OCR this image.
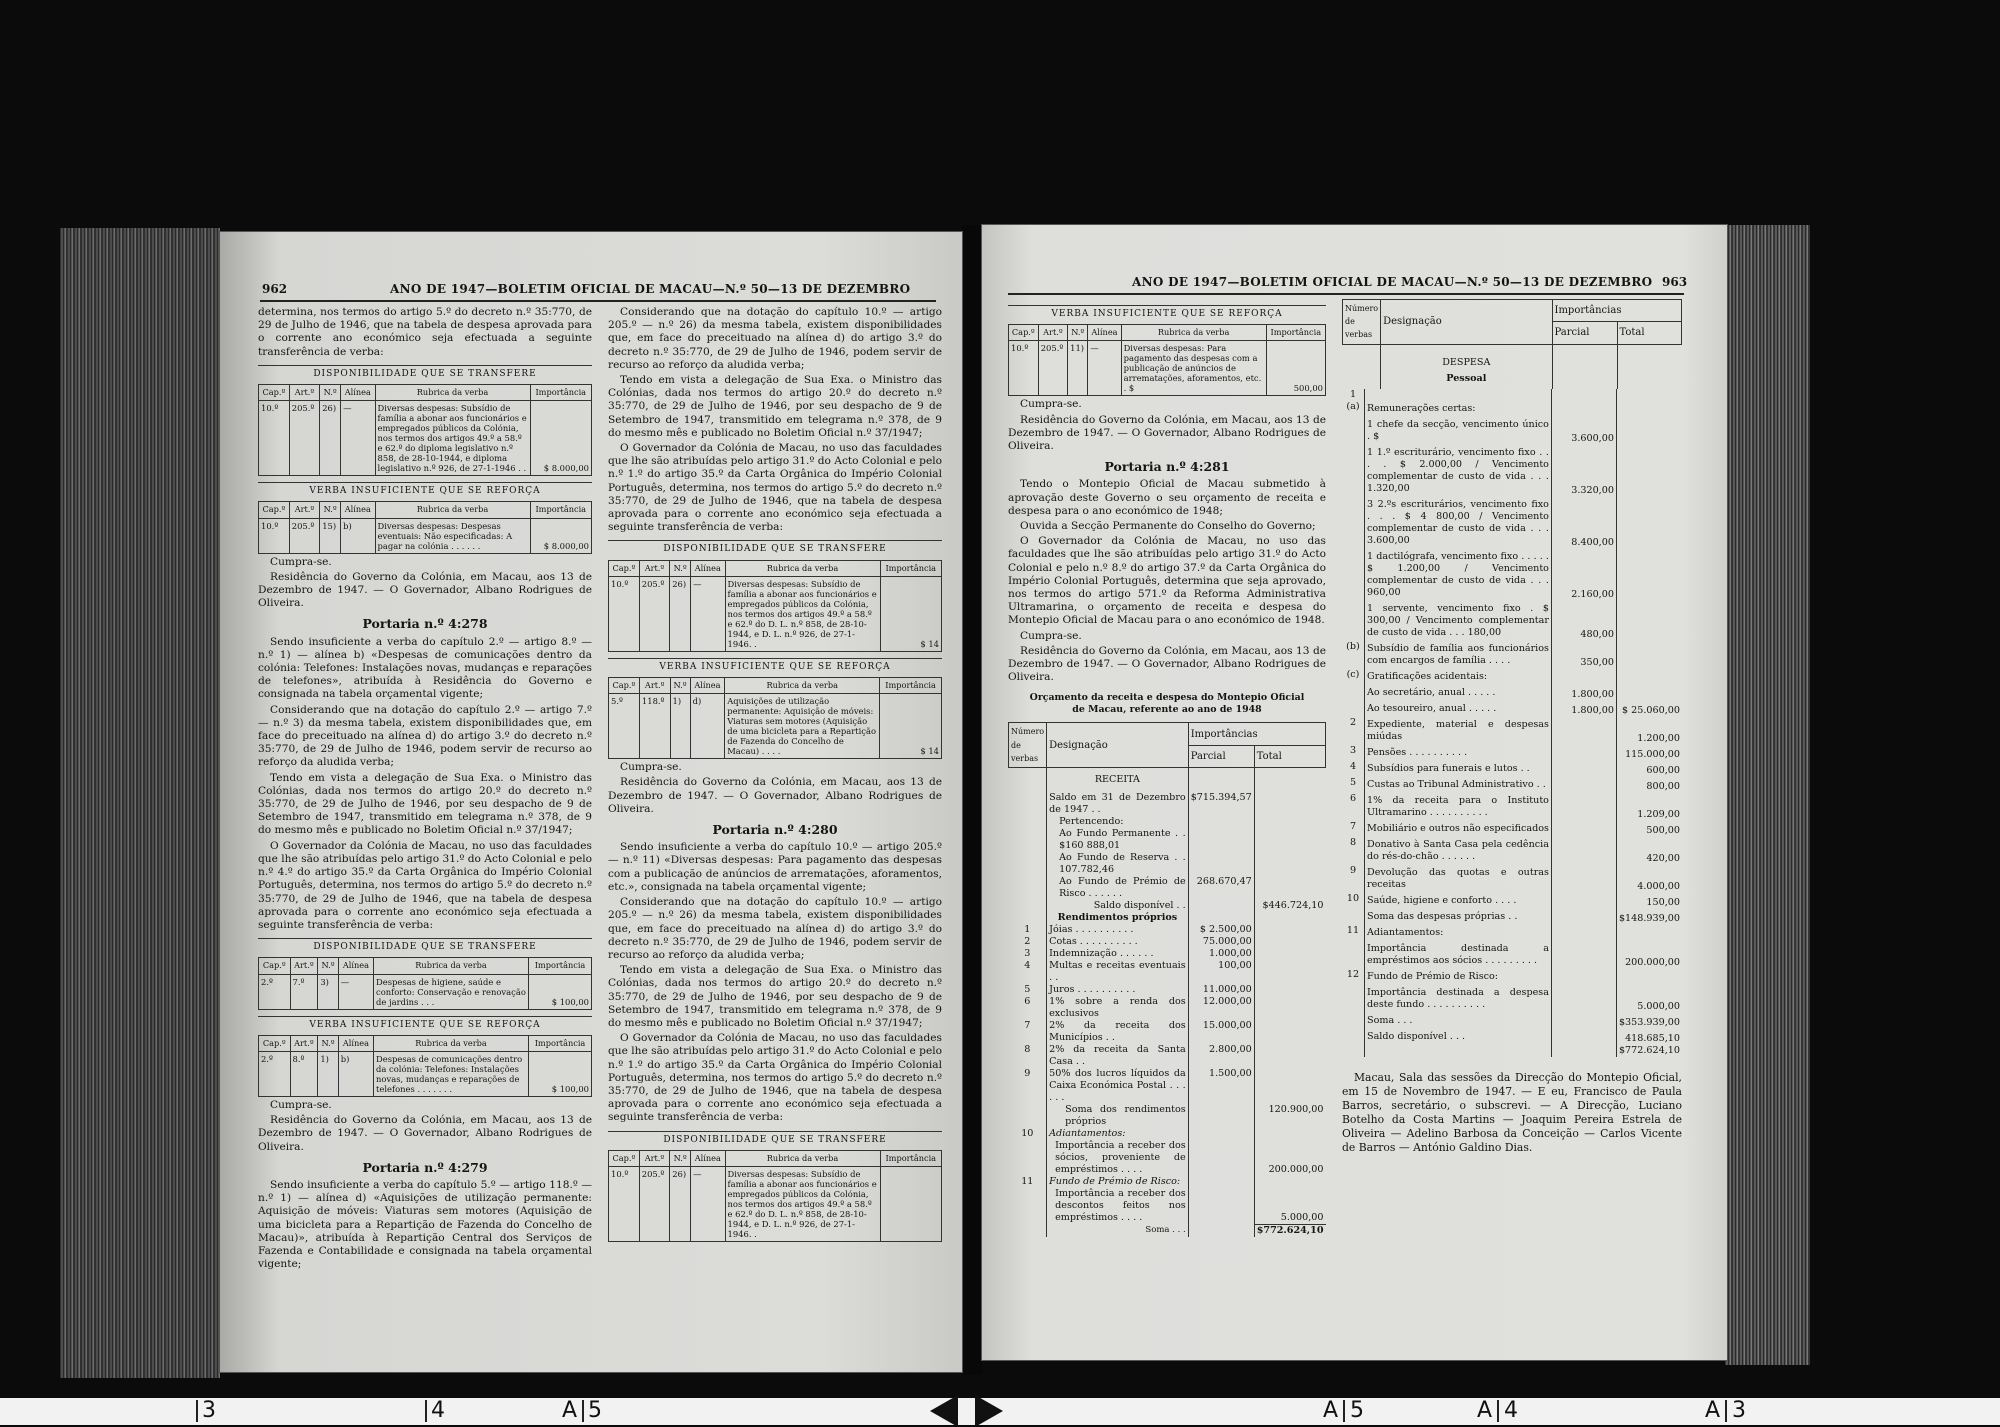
962	ANO DE 1947—BOLETIM OFICIAL DE MACAU—N.º 50—13 DE DEZEMBRO

determina, nos termos do artigo 5.º do decreto n.º 35:770, de 29 de Julho de 1946, que na tabela de despesa aprovada para o corrente ano económico seja efectuada a seguinte transferência de verba:

DISPONIBILIDADE QUE SE TRANSFERE
Cap.º	Art.º	N.º	Alínea	Rubrica da verba	Importância
10.º	205.º	26)	—	Diversas despesas: Subsídio de família a abonar aos funcionários e empregados públicos da Colónia, nos termos dos artigos 49.º a 58.º e 62.º do diploma legislativo n.º 858, de 28-10-1944, e diploma legislativo n.º 926, de 27-1-1946 . .	$ 8.000,00
VERBA INSUFICIENTE QUE SE REFORÇA
Cap.º	Art.º	N.º	Alínea	Rubrica da verba	Importância
10.º	205.º	15)	b)	Diversas despesas: Despesas eventuais: Não especificadas: A pagar na colónia . . . . . .	$ 8.000,00

Cumpra-se.

Residência do Governo da Colónia, em Macau, aos 13 de Dezembro de 1947. — O Governador, Albano Rodrigues de Oliveira.

Portaria n.º 4:278

Sendo insuficiente a verba do capítulo 2.º — artigo 8.º — n.º 1) — alínea b) «Despesas de comunicações dentro da colónia: Telefones: Instalações novas, mudanças e reparações de telefones», atribuída à Residência do Governo e consignada na tabela orçamental vigente;

Considerando que na dotação do capítulo 2.º — artigo 7.º — n.º 3) da mesma tabela, existem disponibilidades que, em face do preceituado na alínea d) do artigo 3.º do decreto n.º 35:770, de 29 de Julho de 1946, podem servir de recurso ao reforço da aludida verba;

Tendo em vista a delegação de Sua Exa. o Ministro das Colónias, dada nos termos do artigo 20.º do decreto n.º 35:770, de 29 de Julho de 1946, por seu despacho de 9 de Setembro de 1947, transmitido em telegrama n.º 378, de 9 do mesmo mês e publicado no Boletim Oficial n.º 37/1947;

O Governador da Colónia de Macau, no uso das faculdades que lhe são atribuídas pelo artigo 31.º do Acto Colonial e pelo n.º 4.º do artigo 35.º da Carta Orgânica do Império Colonial Português, determina, nos termos do artigo 5.º do decreto n.º 35:770, de 29 de Julho de 1946, que na tabela de despesa aprovada para o corrente ano económico seja efectuada a seguinte transferência de verba:

DISPONIBILIDADE QUE SE TRANSFERE
Cap.º	Art.º	N.º	Alínea	Rubrica da verba	Importância
2.º	7.º	3)	—	Despesas de higiene, saúde e conforto: Conservação e renovação de jardins . . .	$ 100,00
VERBA INSUFICIENTE QUE SE REFORÇA
Cap.º	Art.º	N.º	Alínea	Rubrica da verba	Importância
2.º	8.º	1)	b)	Despesas de comunicações dentro da colónia: Telefones: Instalações novas, mudanças e reparações de telefones . . . . . . .	$ 100,00

Cumpra-se.

Residência do Governo da Colónia, em Macau, aos 13 de Dezembro de 1947. — O Governador, Albano Rodrigues de Oliveira.

Portaria n.º 4:279

Sendo insuficiente a verba do capítulo 5.º — artigo 118.º — n.º 1) — alínea d) «Aquisições de utilização permanente: Aquisição de móveis: Viaturas sem motores (Aquisição de uma bicicleta para a Repartição de Fazenda do Concelho de Macau)», atribuída à Repartição Central dos Serviços de Fazenda e Contabilidade e consignada na tabela orçamental vigente;

Considerando que na dotação do capítulo 10.º — artigo 205.º — n.º 26) da mesma tabela, existem disponibilidades que, em face do preceituado na alínea d) do artigo 3.º do decreto n.º 35:770, de 29 de Julho de 1946, podem servir de recurso ao reforço da aludida verba;

Tendo em vista a delegação de Sua Exa. o Ministro das Colónias, dada nos termos do artigo 20.º do decreto n.º 35:770, de 29 de Julho de 1946, por seu despacho de 9 de Setembro de 1947, transmitido em telegrama n.º 378, de 9 do mesmo mês e publicado no Boletim Oficial n.º 37/1947;

O Governador da Colónia de Macau, no uso das faculdades que lhe são atribuídas pelo artigo 31.º do Acto Colonial e pelo n.º 1.º do artigo 35.º da Carta Orgânica do Império Colonial Português, determina, nos termos do artigo 5.º do decreto n.º 35:770, de 29 de Julho de 1946, que na tabela de despesa aprovada para o corrente ano económico seja efectuada a seguinte transferência de verba:

DISPONIBILIDADE QUE SE TRANSFERE
Cap.º	Art.º	N.º	Alínea	Rubrica da verba	Importância
10.º	205.º	26)	—	Diversas despesas: Subsídio de família a abonar aos funcionários e empregados públicos da Colónia, nos termos dos artigos 49.º a 58.º e 62.º do D. L. n.º 858, de 28-10-1944, e D. L. n.º 926, de 27-1-1946. .	$ 14
VERBA INSUFICIENTE QUE SE REFORÇA
Cap.º	Art.º	N.º	Alínea	Rubrica da verba	Importância
5.º	118.º	1)	d)	Aquisições de utilização permanente: Aquisição de móveis: Viaturas sem motores (Aquisição de uma bicicleta para a Repartição de Fazenda do Concelho de Macau) . . . .	$ 14

Cumpra-se.

Residência do Governo da Colónia, em Macau, aos 13 de Dezembro de 1947. — O Governador, Albano Rodrigues de Oliveira.

Portaria n.º 4:280

Sendo insuficiente a verba do capítulo 10.º — artigo 205.º — n.º 11) «Diversas despesas: Para pagamento das despesas com a publicação de anúncios de arrematações, aforamentos, etc.», consignada na tabela orçamental vigente;

Considerando que na dotação do capítulo 10.º — artigo 205.º — n.º 26) da mesma tabela, existem disponibilidades que, em face do preceituado na alínea d) do artigo 3.º do decreto n.º 35:770, de 29 de Julho de 1946, podem servir de recurso ao reforço da aludida verba;

Tendo em vista a delegação de Sua Exa. o Ministro das Colónias, dada nos termos do artigo 20.º do decreto n.º 35:770, de 29 de Julho de 1946, por seu despacho de 9 de Setembro de 1947, transmitido em telegrama n.º 378, de 9 do mesmo mês e publicado no Boletim Oficial n.º 37/1947;

O Governador da Colónia de Macau, no uso das faculdades que lhe são atribuídas pelo artigo 31.º do Acto Colonial e pelo n.º 1.º do artigo 35.º da Carta Orgânica do Império Colonial Português, determina, nos termos do artigo 5.º do decreto n.º 35:770, de 29 de Julho de 1946, que na tabela de despesa aprovada para o corrente ano económico seja efectuada a seguinte transferência de verba:

DISPONIBILIDADE QUE SE TRANSFERE
Cap.º	Art.º	N.º	Alínea	Rubrica da verba	Importância
10.º	205.º	26)	—	Diversas despesas: Subsídio de família a abonar aos funcionários e empregados públicos da Colónia, nos termos dos artigos 49.º a 58.º e 62.º do D. L. n.º 858, de 28-10-1944, e D. L. n.º 926, de 27-1-1946. .	
ANO DE 1947—BOLETIM OFICIAL DE MACAU—N.º 50—13 DE DEZEMBRO 963
VERBA INSUFICIENTE QUE SE REFORÇA
Cap.º	Art.º	N.º	Alínea	Rubrica da verba	Importância
10.º	205.º	11)	—	Diversas despesas: Para pagamento das despesas com a publicação de anúncios de arrematações, aforamentos, etc. . $	500,00

Cumpra-se.

Residência do Governo da Colónia, em Macau, aos 13 de Dezembro de 1947. — O Governador, Albano Rodrigues de Oliveira.

Portaria n.º 4:281

Tendo o Montepio Oficial de Macau submetido à aprovação deste Governo o seu orçamento de receita e despesa para o ano económico de 1948;

Ouvida a Secção Permanente do Conselho do Governo;

O Governador da Colónia de Macau, no uso das faculdades que lhe são atribuídas pelo artigo 31.º do Acto Colonial e pelo n.º 8.º do artigo 37.º da Carta Orgânica do Império Colonial Português, determina que seja aprovado, nos termos do artigo 571.º da Reforma Administrativa Ultramarina, o orçamento de receita e despesa do Montepio Oficial de Macau para o ano económico de 1948.

Cumpra-se.

Residência do Governo da Colónia, em Macau, aos 13 de Dezembro de 1947. — O Governador, Albano Rodrigues de Oliveira.

Orçamento da receita e despesa do Montepio Oficial de Macau, referente ao ano de 1948
Número de verbas	Designação	Importâncias	
		Parcial	Total
	RECEITA		
	Saldo em 31 de Dezembro de 1947 . .	$715.394,57	
	Pertencendo:		
	Ao Fundo Permanente . . $160 888,01		
	Ao Fundo de Reserva . . 107.782,46		
	Ao Fundo de Prémio de Risco . . . . . .	268.670,47	
	Saldo disponível . .		$446.724,10
	Rendimentos próprios		
1	Jóias . . . . . . . . . .	$ 2.500,00	
2	Cotas . . . . . . . . . .	75.000,00	
3	Indemnização . . . . . .	1.000,00	
4	Multas e receitas eventuais . .	100,00	
5	Juros . . . . . . . . . .	11.000,00	
6	1% sobre a renda dos exclusivos	12.000,00	
7	2% da receita dos Municípios . .	15.000,00	
8	2% da receita da Santa Casa . .	2.800,00	
9	50% dos lucros líquidos da Caixa Económica Postal . . . . . .	1.500,00	
	Soma dos rendimentos próprios		120.900,00
10	Adiantamentos:		
	Importância a receber dos sócios, proveniente de empréstimos . . . .		200.000,00
11	Fundo de Prémio de Risco:		
	Importância a receber dos descontos feitos nos empréstimos . . . .		5.000,00
	Soma . . .		$772.624,10
Número de verbas	Designação	Importâncias	
		Parcial	Total
	DESPESA		
	Pessoal		
1			
(a)	Remunerações certas:		
	1 chefe da secção, vencimento único . $	3.600,00	
	1 1.º escriturário, vencimento fixo . . . . $ 2.000,00 / Vencimento complementar de custo de vida . . . 1.320,00	3.320,00	
	3 2.ºs escriturários, vencimento fixo . . . $ 4 800,00 / Vencimento complementar de custo de vida . . . 3.600,00	8.400,00	
	1 dactilógrafa, vencimento fixo . . . . . $ 1.200,00 / Vencimento complementar de custo de vida . . . 960,00	2.160,00	
	1 servente, vencimento fixo . $ 300,00 / Vencimento complementar de custo de vida . . . 180,00	480,00	
(b)	Subsídio de família aos funcionários com encargos de família . . . .	350,00	
(c)	Gratificações acidentais:		
	Ao secretário, anual . . . . .	1.800,00	
	Ao tesoureiro, anual . . . . .	1.800,00	$ 25.060,00
2	Expediente, material e despesas miúdas		1.200,00
3	Pensões . . . . . . . . . .		115.000,00
4	Subsídios para funerais e lutos . .		600,00
5	Custas ao Tribunal Administrativo . .		800,00
6	1% da receita para o Instituto Ultramarino . . . . . . . . . .		1.209,00
7	Mobiliário e outros não especificados		500,00
8	Donativo à Santa Casa pela cedência do rés-do-chão . . . . . .		420,00
9	Devolução das quotas e outras receitas		4.000,00
10	Saúde, higiene e conforto . . . .		150,00
	Soma das despesas próprias . .		$148.939,00
11	Adiantamentos:		
	Importância destinada a empréstimos aos sócios . . . . . . . . .		200.000,00
12	Fundo de Prémio de Risco:		
	Importância destinada a despesa deste fundo . . . . . . . . . .		5.000,00
	Soma . . .		$353.939,00
	Saldo disponível . . .		418.685,10
			$772.624,10

Macau, Sala das sessões da Direcção do Montepio Oficial, em 15 de Novembro de 1947. — E eu, Francisco de Paula Barros, secretário, o subscrevi. — A Direcção, Luciano Botelho da Costa Martins — Joaquim Pereira Estrela de Oliveira — Adelino Barbosa da Conceição — Carlos Vicente de Barros — António Galdino Dias.

3	4	A 5	A 5	A 4	A 3
